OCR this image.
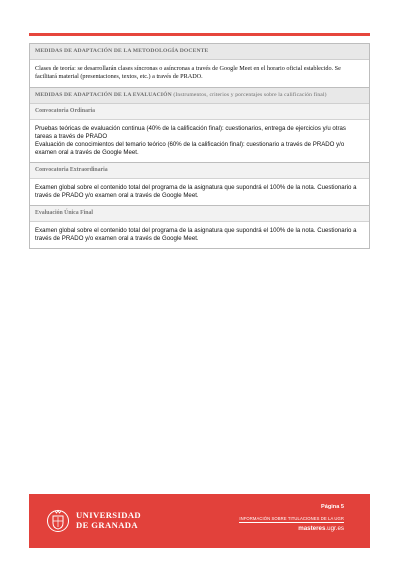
MEDIDAS DE ADAPTACIÓN DE LA METODOLOGÍA DOCENTE
Clases de teoría: se desarrollarán clases síncronas o asíncronas a través de Google Meet en el horario oficial establecido. Se facilitará material (presentaciones, textos, etc.) a través de PRADO.
MEDIDAS DE ADAPTACIÓN DE LA EVALUACIÓN (Instrumentos, criterios y porcentajes sobre la calificación final)
Convocatoria Ordinaria

Pruebas teóricas de evaluación continua (40% de la calificación final): cuestionarios, entrega de ejercicios y/u otras tareas a través de PRADO

Evaluación de conocimientos del temario teórico (60% de la calificación final): cuestionario a través de PRADO y/o examen oral a través de Google Meet.

Convocatoria Extraordinaria

Examen global sobre el contenido total del programa de la asignatura que supondrá el 100% de la nota. Cuestionario a través de PRADO y/o examen oral a través de Google Meet.

Evaluación Única Final

Examen global sobre el contenido total del programa de la asignatura que supondrá el 100% de la nota. Cuestionario a través de PRADO y/o examen oral a través de Google Meet.

UNIVERSIDAD
DE GRANADA
Página 5
INFORMACIÓN SOBRE TITULACIONES DE LA UGR
masteres.ugr.es
